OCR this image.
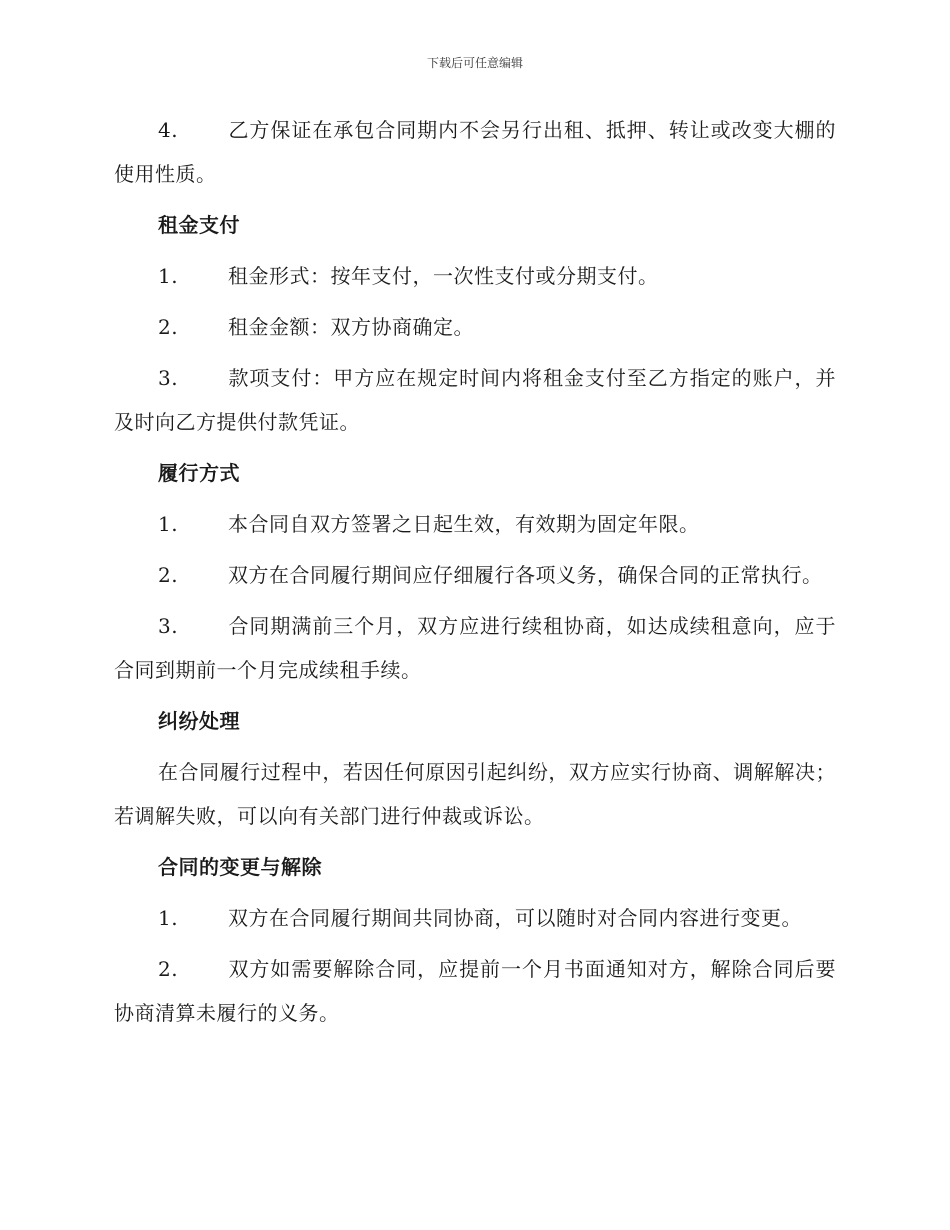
下载后可任意编辑

4. 乙方保证在承包合同期内不会另行出租、抵押、转让或改变大棚的使用性质。

租金支付

1. 租金形式：按年支付，一次性支付或分期支付。

2. 租金金额：双方协商确定。

3. 款项支付：甲方应在规定时间内将租金支付至乙方指定的账户，并及时向乙方提供付款凭证。

履行方式

1. 本合同自双方签署之日起生效，有效期为固定年限。

2. 双方在合同履行期间应仔细履行各项义务，确保合同的正常执行。

3. 合同期满前三个月，双方应进行续租协商，如达成续租意向，应于合同到期前一个月完成续租手续。

纠纷处理

在合同履行过程中，若因任何原因引起纠纷，双方应实行协商、调解解决；若调解失败，可以向有关部门进行仲裁或诉讼。

合同的变更与解除

1. 双方在合同履行期间共同协商，可以随时对合同内容进行变更。

2. 双方如需要解除合同，应提前一个月书面通知对方，解除合同后要协商清算未履行的义务。
